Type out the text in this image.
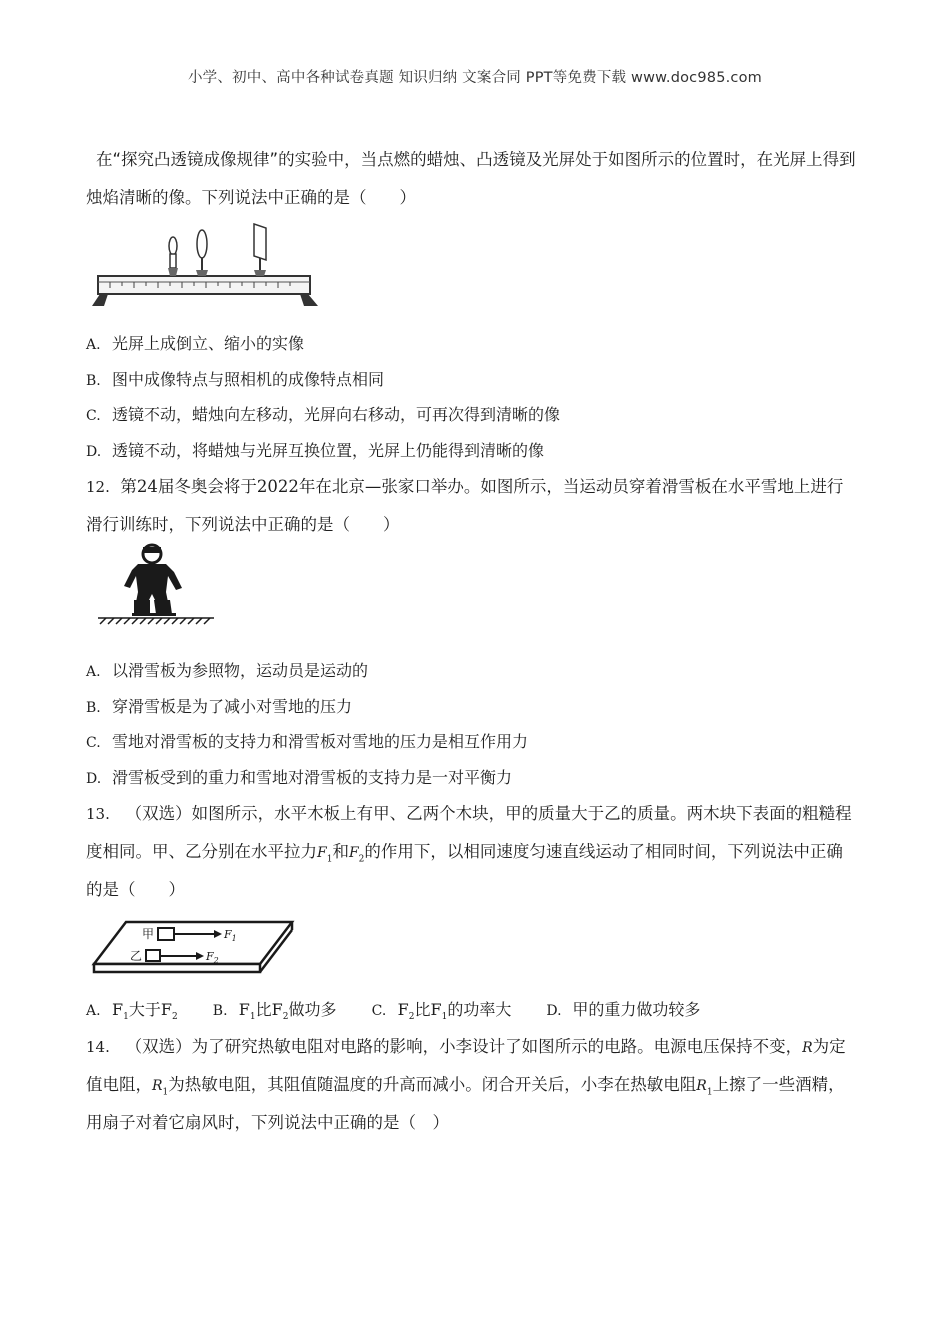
小学、初中、高中各种试卷真题 知识归纳 文案合同 PPT等免费下载 www.doc985.com
在“探究凸透镜成像规律”的实验中，当点燃的蜡烛、凸透镜及光屏处于如图所示的位置时，在光屏上得到
烛焰清晰的像。下列说法中正确的是（　　）
A. 光屏上成倒立、缩小的实像
B. 图中成像特点与照相机的成像特点相同
C. 透镜不动，蜡烛向左移动，光屏向右移动，可再次得到清晰的像
D. 透镜不动，将蜡烛与光屏互换位置，光屏上仍能得到清晰的像
12. 第24届冬奥会将于2022年在北京—张家口举办。如图所示，当运动员穿着滑雪板在水平雪地上进行
滑行训练时，下列说法中正确的是（　　）
A. 以滑雪板为参照物，运动员是运动的
B. 穿滑雪板是为了减小对雪地的压力
C. 雪地对滑雪板的支持力和滑雪板对雪地的压力是相互作用力
D. 滑雪板受到的重力和雪地对滑雪板的支持力是一对平衡力
13. （双选）如图所示，水平木板上有甲、乙两个木块，甲的质量大于乙的质量。两木块下表面的粗糙程
度相同。甲、乙分别在水平拉力$F_1$和$F_2$的作用下，以相同速度匀速直线运动了相同时间，下列说法中正确
的是（　　）
甲	$F_1$
乙	$F_2$
A. $F_1$大于$F_2$	B. $F_1$比$F_2$做功多	C. $F_2$比$F_1$的功率大	D. 甲的重力做功较多
14. （双选）为了研究热敏电阻对电路的影响，小李设计了如图所示的电路。电源电压保持不变，R为定
值电阻，$R_1$为热敏电阻，其阻值随温度的升高而减小。闭合开关后，小李在热敏电阻$R_1$上擦了一些酒精，
用扇子对着它扇风时，下列说法中正确的是（　）
